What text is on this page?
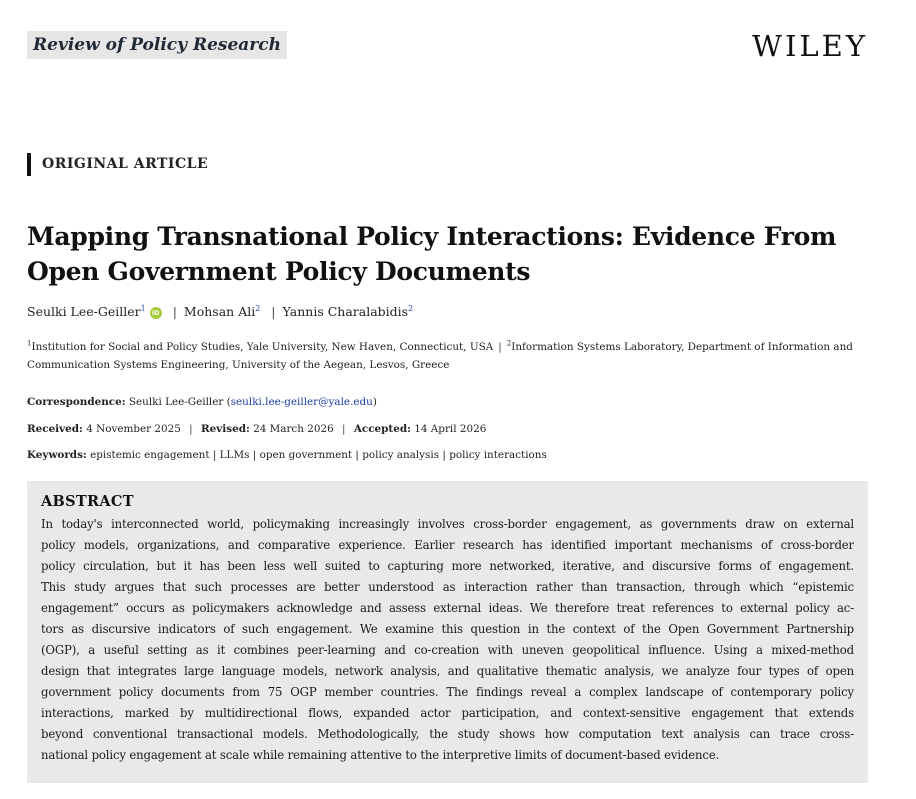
Review of Policy Research	WILEY
ORIGINAL ARTICLE
Mapping Transnational Policy Interactions: Evidence From
Open Government Policy Documents
Seulki Lee-Geiller$^1$iD | Mohsan Ali$^2$ | Yannis Charalabidis$^2$
$^1$Institution for Social and Policy Studies, Yale University, New Haven, Connecticut, USA | $^2$Information Systems Laboratory, Department of Information and Communication Systems Engineering, University of the Aegean, Lesvos, Greece
Correspondence: Seulki Lee-Geiller (seulki.lee-geiller@yale.edu)
Received: 4 November 2025 | Revised: 24 March 2026 | Accepted: 14 April 2026
Keywords: epistemic engagement | LLMs | open government | policy analysis | policy interactions
ABSTRACT

In today's interconnected world, policymaking increasingly involves cross-border engagement, as governments draw on external
policy models, organizations, and comparative experience. Earlier research has identified important mechanisms of cross-border
policy circulation, but it has been less well suited to capturing more networked, iterative, and discursive forms of engagement.
This study argues that such processes are better understood as interaction rather than transaction, through which “epistemic
engagement” occurs as policymakers acknowledge and assess external ideas. We therefore treat references to external policy ac-
tors as discursive indicators of such engagement. We examine this question in the context of the Open Government Partnership
(OGP), a useful setting as it combines peer-learning and co-creation with uneven geopolitical influence. Using a mixed-method
design that integrates large language models, network analysis, and qualitative thematic analysis, we analyze four types of open
government policy documents from 75 OGP member countries. The findings reveal a complex landscape of contemporary policy
interactions, marked by multidirectional flows, expanded actor participation, and context-sensitive engagement that extends
beyond conventional transactional models. Methodologically, the study shows how computation text analysis can trace cross-
national policy engagement at scale while remaining attentive to the interpretive limits of document-based evidence.
